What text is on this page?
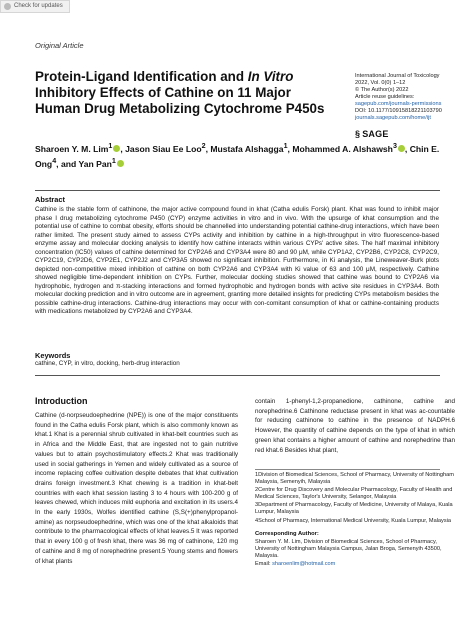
Check for updates
Original Article
Protein-Ligand Identification and In Vitro Inhibitory Effects of Cathine on 11 Major Human Drug Metabolizing Cytochrome P450s
International Journal of Toxicology
2022, Vol. 0(0) 1–12
© The Author(s) 2022
Article reuse guidelines:
sagepub.com/journals-permissions
DOI: 10.1177/10915818221103790
journals.sagepub.com/home/ijt
§ SAGE
Sharoen Y. M. Lim$^1$ , Jason Siau Ee Loo$^2$, Mustafa Alshagga$^1$, Mohammed A. Alshawsh$^3$ , Chin E. Ong$^4$, and Yan Pan$^1$
Abstract
Cathine is the stable form of cathinone, the major active compound found in khat (Catha edulis Forsk) plant. Khat was found to inhibit major phase I drug metabolizing cytochrome P450 (CYP) enzyme activities in vitro and in vivo. With the upsurge of khat consumption and the potential use of cathine to combat obesity, efforts should be channelled into understanding potential cathine-drug interactions, which have been rather limited. The present study aimed to assess CYPs activity and inhibition by cathine in a high-throughput in vitro fluorescence-based enzyme assay and molecular docking analysis to identify how cathine interacts within various CYPs' active sites. The half maximal inhibitory concentration (IC50) values of cathine determined for CYP2A6 and CYP3A4 were 80 and 90 μM, while CYP1A2, CYP2B6, CYP2C8, CYP2C9, CYP2C19, CYP2D6, CYP2E1, CYP2J2 and CYP3A5 showed no significant inhibition. Furthermore, in Ki analysis, the Lineweaver-Burk plots depicted non-competitive mixed inhibition of cathine on both CYP2A6 and CYP3A4 with Ki value of 63 and 100 μM, respectively. Cathine showed negligible time-dependent inhibition on CYPs. Further, molecular docking studies showed that cathine was bound to CYP2A6 via hydrophobic, hydrogen and π-stacking interactions and formed hydrophobic and hydrogen bonds with active site residues in CYP3A4. Both molecular docking prediction and in vitro outcome are in agreement, granting more detailed insights for predicting CYPs metabolism besides the possible cathine-drug interactions. Cathine-drug interactions may occur with con-comitant consumption of khat or cathine-containing products with medications metabolized by CYP2A6 and CYP3A4.
Keywords
cathine, CYP, in vitro, docking, herb-drug interaction
Introduction
Cathine (d-norpseudoephedrine (NPE)) is one of the major constituents found in the Catha edulis Forsk plant, which is also commonly known as khat.1 Khat is a perennial shrub cultivated in khat-belt countries such as in Africa and the Middle East, that are ingested not to gain nutritive values but to attain psychostimulatory effects.2 Khat was traditionally used in social gatherings in Yemen and widely cultivated as a source of income replacing coffee cultivation despite debates that khat cultivation drains foreign investment.3 Khat chewing is a tradition in khat-belt countries with each khat session lasting 3 to 4 hours with 100-200 g of leaves chewed, which induces mild euphoria and excitation in its users.4 In the early 1930s, Wolfes identified cathine (S,S(+)phenylpropanol-amine) as norpseudoephedrine, which was one of the khat alkaloids that contribute to the pharmacological effects of khat leaves.5 It was reported that in every 100 g of fresh khat, there was 36 mg of cathinone, 120 mg of cathine and 8 mg of norephedrine present.5 Young stems and flowers of khat plants
contain 1-phenyl-1,2-propanedione, cathinone, cathine and norephedrine.6 Cathinone reductase present in khat was ac-countable for reducing cathinone to cathine in the presence of NADPH.6 However, the quantity of cathine depends on the type of khat in which green khat contains a higher amount of cathine and norephedrine than red khat.6 Besides khat plant,

1Division of Biomedical Sciences, School of Pharmacy, University of Nottingham Malaysia, Semenyih, Malaysia

2Centre for Drug Discovery and Molecular Pharmacology, Faculty of Health and Medical Sciences, Taylor's University, Selangor, Malaysia

3Department of Pharmacology, Faculty of Medicine, University of Malaya, Kuala Lumpur, Malaysia

4School of Pharmacy, International Medical University, Kuala Lumpur, Malaysia

Corresponding Author:

Sharoen Y. M. Lim, Division of Biomedical Sciences, School of Pharmacy, University of Nottingham Malaysia Campus, Jalan Broga, Semenyih 43500, Malaysia.

Email: sharoenlim@hotmail.com
